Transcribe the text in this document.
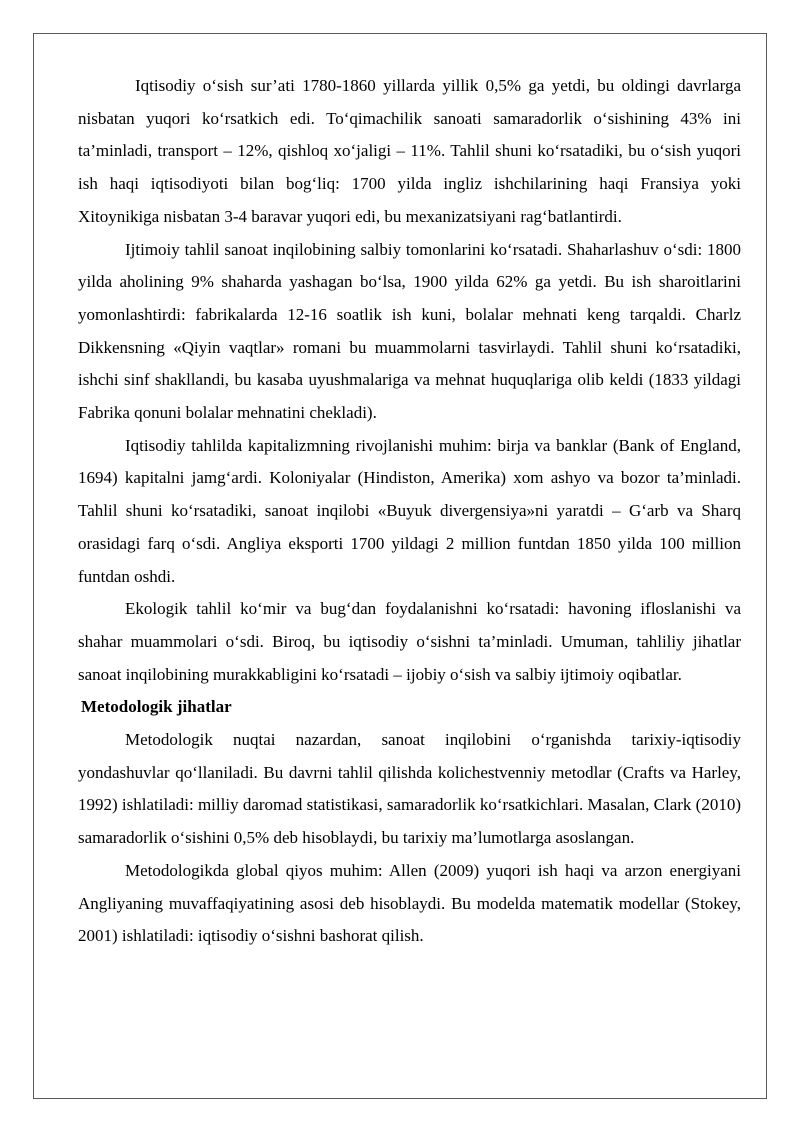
Iqtisodiy o‘sish sur’ati 1780-1860 yillarda yillik 0,5% ga yetdi, bu oldingi davrlarga nisbatan yuqori ko‘rsatkich edi. To‘qimachilik sanoati samaradorlik o‘sishining 43% ini ta’minladi, transport – 12%, qishloq xo‘jaligi – 11%. Tahlil shuni ko‘rsatadiki, bu o‘sish yuqori ish haqi iqtisodiyoti bilan bog‘liq: 1700 yilda ingliz ishchilarining haqi Fransiya yoki Xitoynikiga nisbatan 3-4 baravar yuqori edi, bu mexanizatsiyani rag‘batlantirdi.

Ijtimoiy tahlil sanoat inqilobining salbiy tomonlarini ko‘rsatadi. Shaharlashuv o‘sdi: 1800 yilda aholining 9% shaharda yashagan bo‘lsa, 1900 yilda 62% ga yetdi. Bu ish sharoitlarini yomonlashtirdi: fabrikalarda 12-16 soatlik ish kuni, bolalar mehnati keng tarqaldi. Charlz Dikkensning «Qiyin vaqtlar» romani bu muammolarni tasvirlaydi. Tahlil shuni ko‘rsatadiki, ishchi sinf shakllandi, bu kasaba uyushmalariga va mehnat huquqlariga olib keldi (1833 yildagi Fabrika qonuni bolalar mehnatini chekladi).

Iqtisodiy tahlilda kapitalizmning rivojlanishi muhim: birja va banklar (Bank of England, 1694) kapitalni jamg‘ardi. Koloniyalar (Hindiston, Amerika) xom ashyo va bozor ta’minladi. Tahlil shuni ko‘rsatadiki, sanoat inqilobi «Buyuk divergensiya»ni yaratdi – G‘arb va Sharq orasidagi farq o‘sdi. Angliya eksporti 1700 yildagi 2 million funtdan 1850 yilda 100 million funtdan oshdi.

Ekologik tahlil ko‘mir va bug‘dan foydalanishni ko‘rsatadi: havoning ifloslanishi va shahar muammolari o‘sdi. Biroq, bu iqtisodiy o‘sishni ta’minladi. Umuman, tahliliy jihatlar sanoat inqilobining murakkabligini ko‘rsatadi – ijobiy o‘sish va salbiy ijtimoiy oqibatlar.

Metodologik jihatlar

Metodologik nuqtai nazardan, sanoat inqilobini o‘rganishda tarixiy-iqtisodiy yondashuvlar qo‘llaniladi. Bu davrni tahlil qilishda kolichestvenniy metodlar (Crafts va Harley, 1992) ishlatiladi: milliy daromad statistikasi, samaradorlik ko‘rsatkichlari. Masalan, Clark (2010) samaradorlik o‘sishini 0,5% deb hisoblaydi, bu tarixiy ma’lumotlarga asoslangan.

Metodologikda global qiyos muhim: Allen (2009) yuqori ish haqi va arzon energiyani Angliyaning muvaffaqiyatining asosi deb hisoblaydi. Bu modelda matematik modellar (Stokey, 2001) ishlatiladi: iqtisodiy o‘sishni bashorat qilish.
